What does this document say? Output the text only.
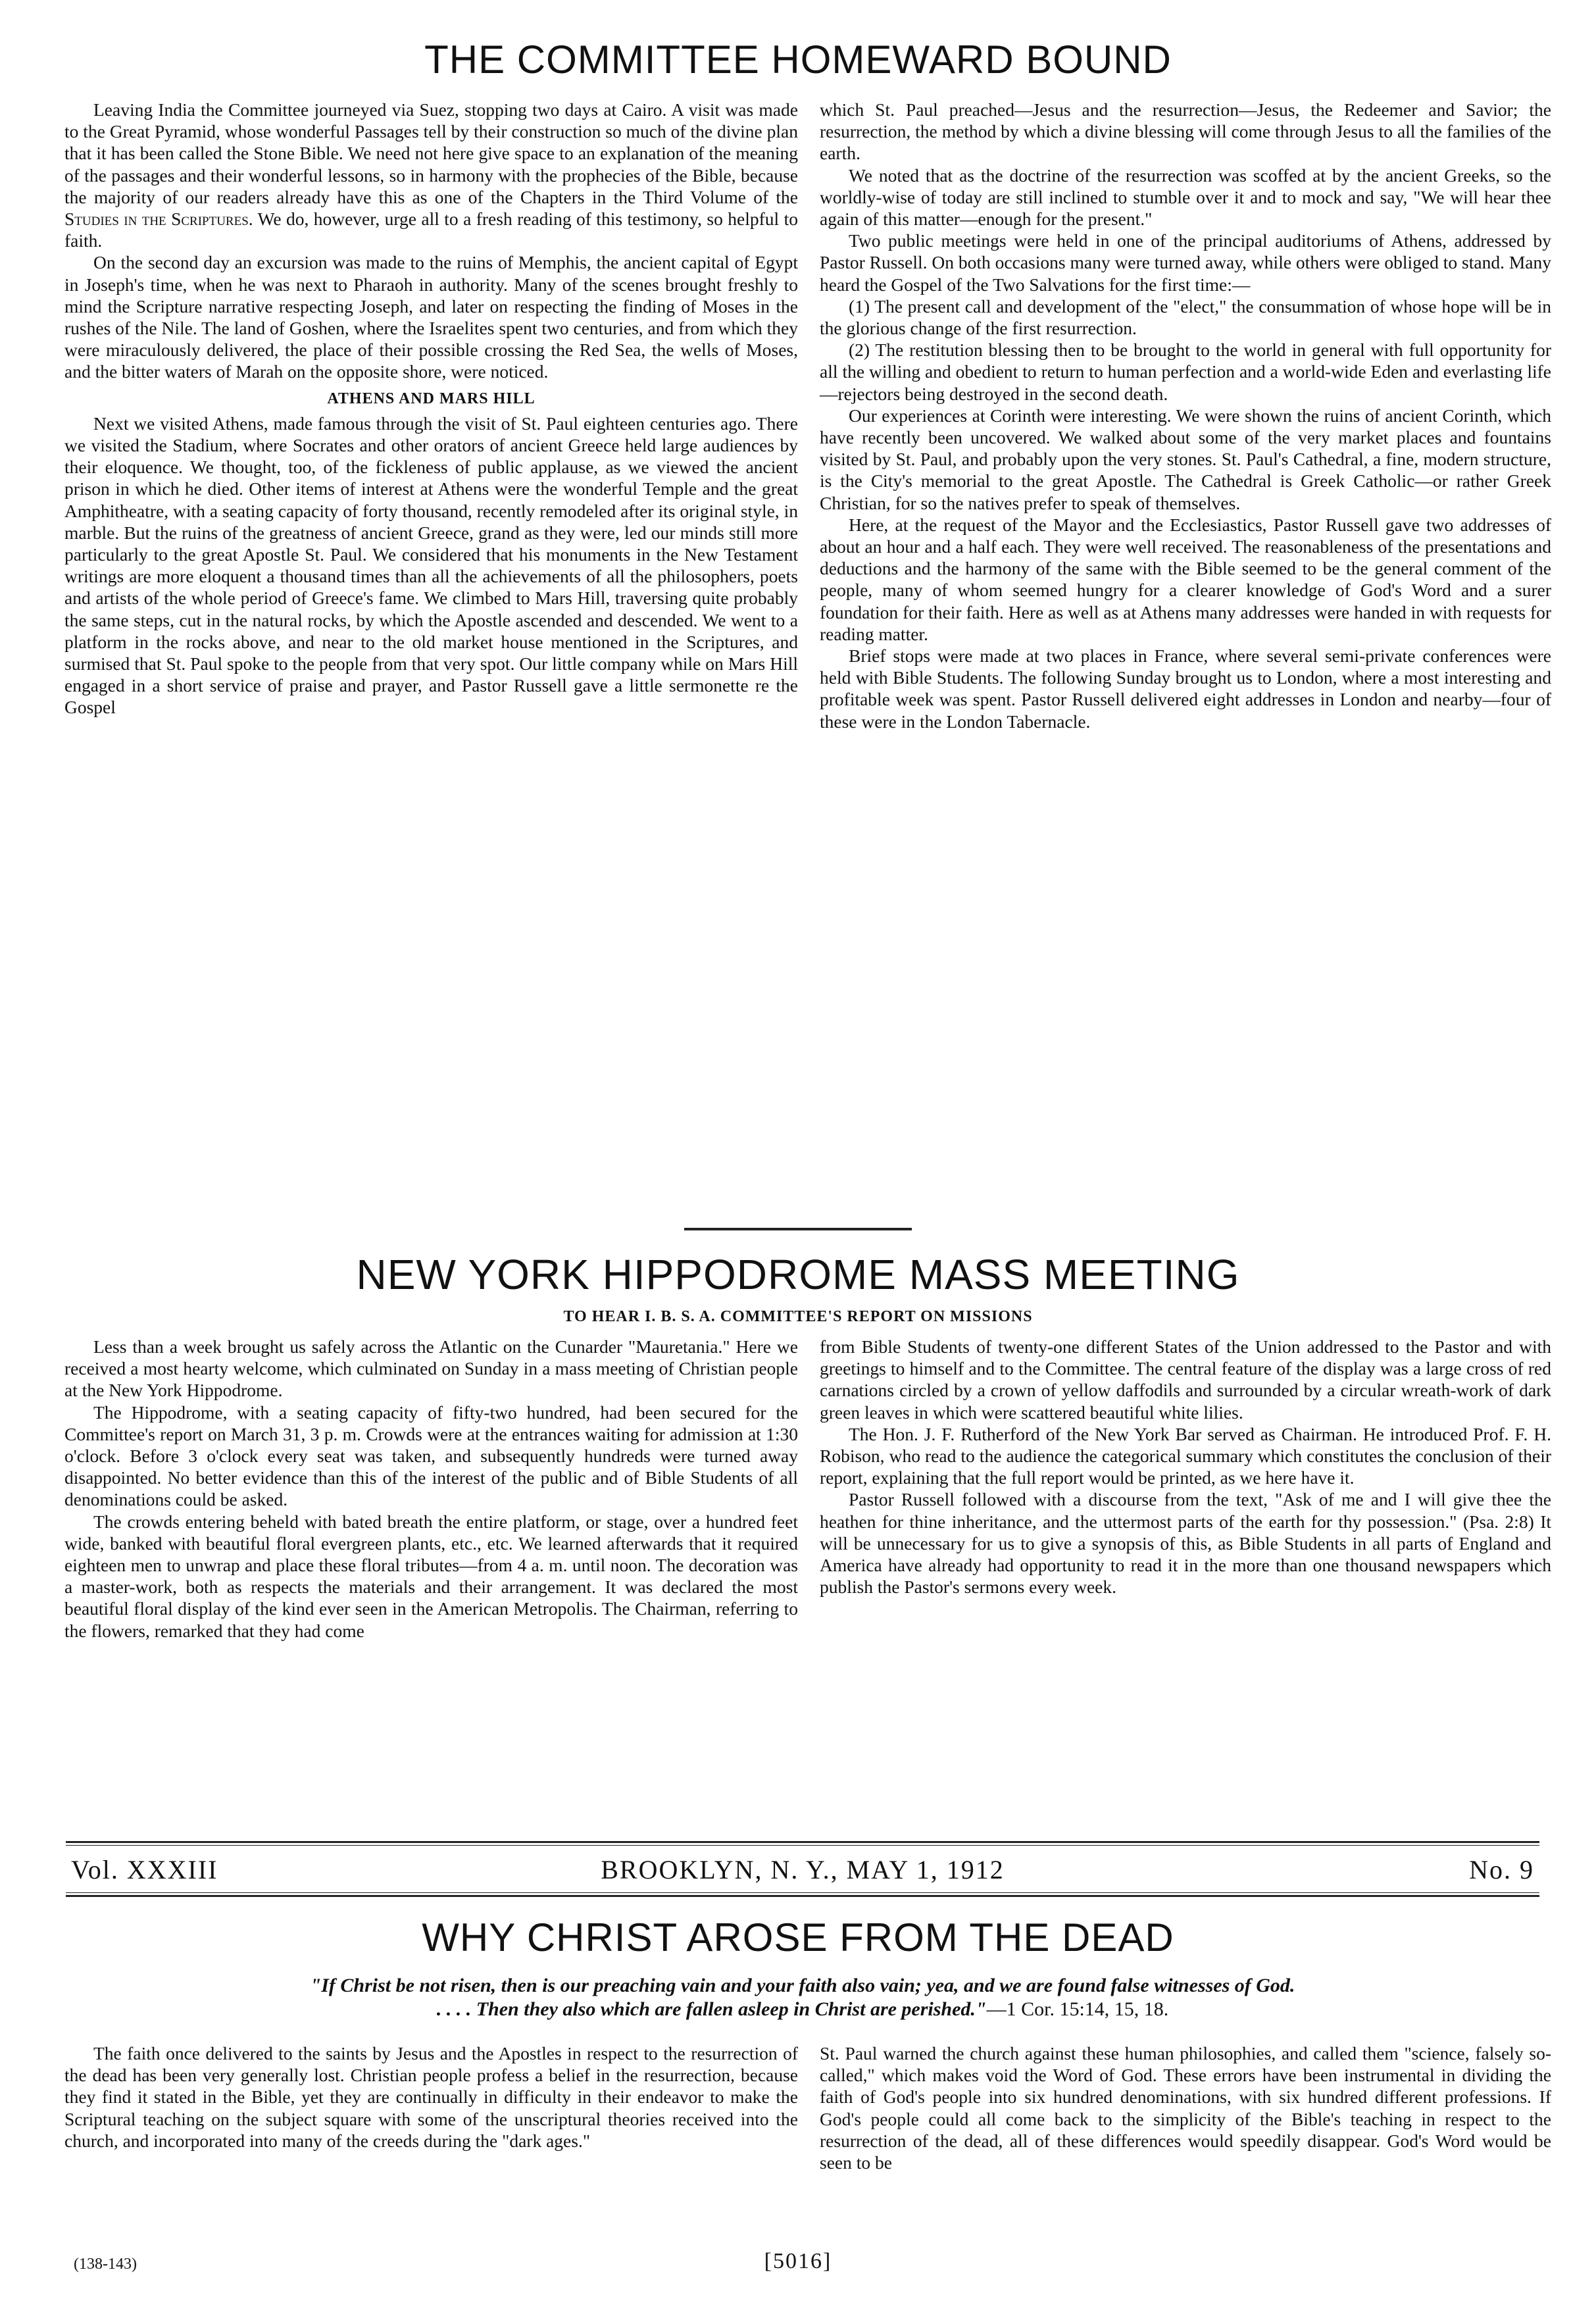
THE COMMITTEE HOMEWARD BOUND

Leaving India the Committee journeyed via Suez, stopping two days at Cairo. A visit was made to the Great Pyramid, whose wonderful Passages tell by their construction so much of the divine plan that it has been called the Stone Bible. We need not here give space to an explanation of the meaning of the passages and their wonderful lessons, so in harmony with the prophecies of the Bible, because the majority of our readers already have this as one of the Chapters in the Third Volume of the Studies in the Scriptures. We do, however, urge all to a fresh reading of this testimony, so helpful to faith.

On the second day an excursion was made to the ruins of Memphis, the ancient capital of Egypt in Joseph's time, when he was next to Pharaoh in authority. Many of the scenes brought freshly to mind the Scripture narrative respecting Joseph, and later on respecting the finding of Moses in the rushes of the Nile. The land of Goshen, where the Israelites spent two centuries, and from which they were miraculously delivered, the place of their possible crossing the Red Sea, the wells of Moses, and the bitter waters of Marah on the opposite shore, were noticed.

ATHENS AND MARS HILL

Next we visited Athens, made famous through the visit of St. Paul eighteen centuries ago. There we visited the Stadium, where Socrates and other orators of ancient Greece held large audiences by their eloquence. We thought, too, of the fickleness of public applause, as we viewed the ancient prison in which he died. Other items of interest at Athens were the wonderful Temple and the great Amphitheatre, with a seating capacity of forty thousand, recently remodeled after its original style, in marble. But the ruins of the greatness of ancient Greece, grand as they were, led our minds still more particularly to the great Apostle St. Paul. We considered that his monuments in the New Testament writings are more eloquent a thousand times than all the achievements of all the philosophers, poets and artists of the whole period of Greece's fame. We climbed to Mars Hill, traversing quite probably the same steps, cut in the natural rocks, by which the Apostle ascended and descended. We went to a platform in the rocks above, and near to the old market house mentioned in the Scriptures, and surmised that St. Paul spoke to the people from that very spot. Our little company while on Mars Hill engaged in a short service of praise and prayer, and Pastor Russell gave a little sermonette re the Gospel

which St. Paul preached—Jesus and the resurrection—Jesus, the Redeemer and Savior; the resurrection, the method by which a divine blessing will come through Jesus to all the families of the earth.

We noted that as the doctrine of the resurrection was scoffed at by the ancient Greeks, so the worldly-wise of today are still inclined to stumble over it and to mock and say, "We will hear thee again of this matter—enough for the present."

Two public meetings were held in one of the principal auditoriums of Athens, addressed by Pastor Russell. On both occasions many were turned away, while others were obliged to stand. Many heard the Gospel of the Two Salvations for the first time:—

(1) The present call and development of the "elect," the consummation of whose hope will be in the glorious change of the first resurrection.

(2) The restitution blessing then to be brought to the world in general with full opportunity for all the willing and obedient to return to human perfection and a world-wide Eden and everlasting life—rejectors being destroyed in the second death.

Our experiences at Corinth were interesting. We were shown the ruins of ancient Corinth, which have recently been uncovered. We walked about some of the very market places and fountains visited by St. Paul, and probably upon the very stones. St. Paul's Cathedral, a fine, modern structure, is the City's memorial to the great Apostle. The Cathedral is Greek Catholic—or rather Greek Christian, for so the natives prefer to speak of themselves.

Here, at the request of the Mayor and the Ecclesiastics, Pastor Russell gave two addresses of about an hour and a half each. They were well received. The reasonableness of the presentations and deductions and the harmony of the same with the Bible seemed to be the general comment of the people, many of whom seemed hungry for a clearer knowledge of God's Word and a surer foundation for their faith. Here as well as at Athens many addresses were handed in with requests for reading matter.

Brief stops were made at two places in France, where several semi-private conferences were held with Bible Students. The following Sunday brought us to London, where a most interesting and profitable week was spent. Pastor Russell delivered eight addresses in London and nearby—four of these were in the London Tabernacle.

NEW YORK HIPPODROME MASS MEETING
TO HEAR I. B. S. A. COMMITTEE'S REPORT ON MISSIONS

Less than a week brought us safely across the Atlantic on the Cunarder "Mauretania." Here we received a most hearty welcome, which culminated on Sunday in a mass meeting of Christian people at the New York Hippodrome.

The Hippodrome, with a seating capacity of fifty-two hundred, had been secured for the Committee's report on March 31, 3 p. m. Crowds were at the entrances waiting for admission at 1:30 o'clock. Before 3 o'clock every seat was taken, and subsequently hundreds were turned away disappointed. No better evidence than this of the interest of the public and of Bible Students of all denominations could be asked.

The crowds entering beheld with bated breath the entire platform, or stage, over a hundred feet wide, banked with beautiful floral evergreen plants, etc., etc. We learned afterwards that it required eighteen men to unwrap and place these floral tributes—from 4 a. m. until noon. The decoration was a master-work, both as respects the materials and their arrangement. It was declared the most beautiful floral display of the kind ever seen in the American Metropolis. The Chairman, referring to the flowers, remarked that they had come

from Bible Students of twenty-one different States of the Union addressed to the Pastor and with greetings to himself and to the Committee. The central feature of the display was a large cross of red carnations circled by a crown of yellow daffodils and surrounded by a circular wreath-work of dark green leaves in which were scattered beautiful white lilies.

The Hon. J. F. Rutherford of the New York Bar served as Chairman. He introduced Prof. F. H. Robison, who read to the audience the categorical summary which constitutes the conclusion of their report, explaining that the full report would be printed, as we here have it.

Pastor Russell followed with a discourse from the text, "Ask of me and I will give thee the heathen for thine inheritance, and the uttermost parts of the earth for thy possession." (Psa. 2:8) It will be unnecessary for us to give a synopsis of this, as Bible Students in all parts of England and America have already had opportunity to read it in the more than one thousand newspapers which publish the Pastor's sermons every week.

Vol. XXXIII	BROOKLYN, N. Y., MAY 1, 1912	No. 9
WHY CHRIST AROSE FROM THE DEAD
"If Christ be not risen, then is our preaching vain and your faith also vain; yea, and we are found false witnesses of God.
. . . . Then they also which are fallen asleep in Christ are perished."—1 Cor. 15:14, 15, 18.

The faith once delivered to the saints by Jesus and the Apostles in respect to the resurrection of the dead has been very generally lost. Christian people profess a belief in the resurrection, because they find it stated in the Bible, yet they are continually in difficulty in their endeavor to make the Scriptural teaching on the subject square with some of the unscriptural theories received into the church, and incorporated into many of the creeds during the "dark ages."

St. Paul warned the church against these human philosophies, and called them "science, falsely so-called," which makes void the Word of God. These errors have been instrumental in dividing the faith of God's people into six hundred denominations, with six hundred different professions. If God's people could all come back to the simplicity of the Bible's teaching in respect to the resurrection of the dead, all of these differences would speedily disappear. God's Word would be seen to be

(138-143)	[5016]
